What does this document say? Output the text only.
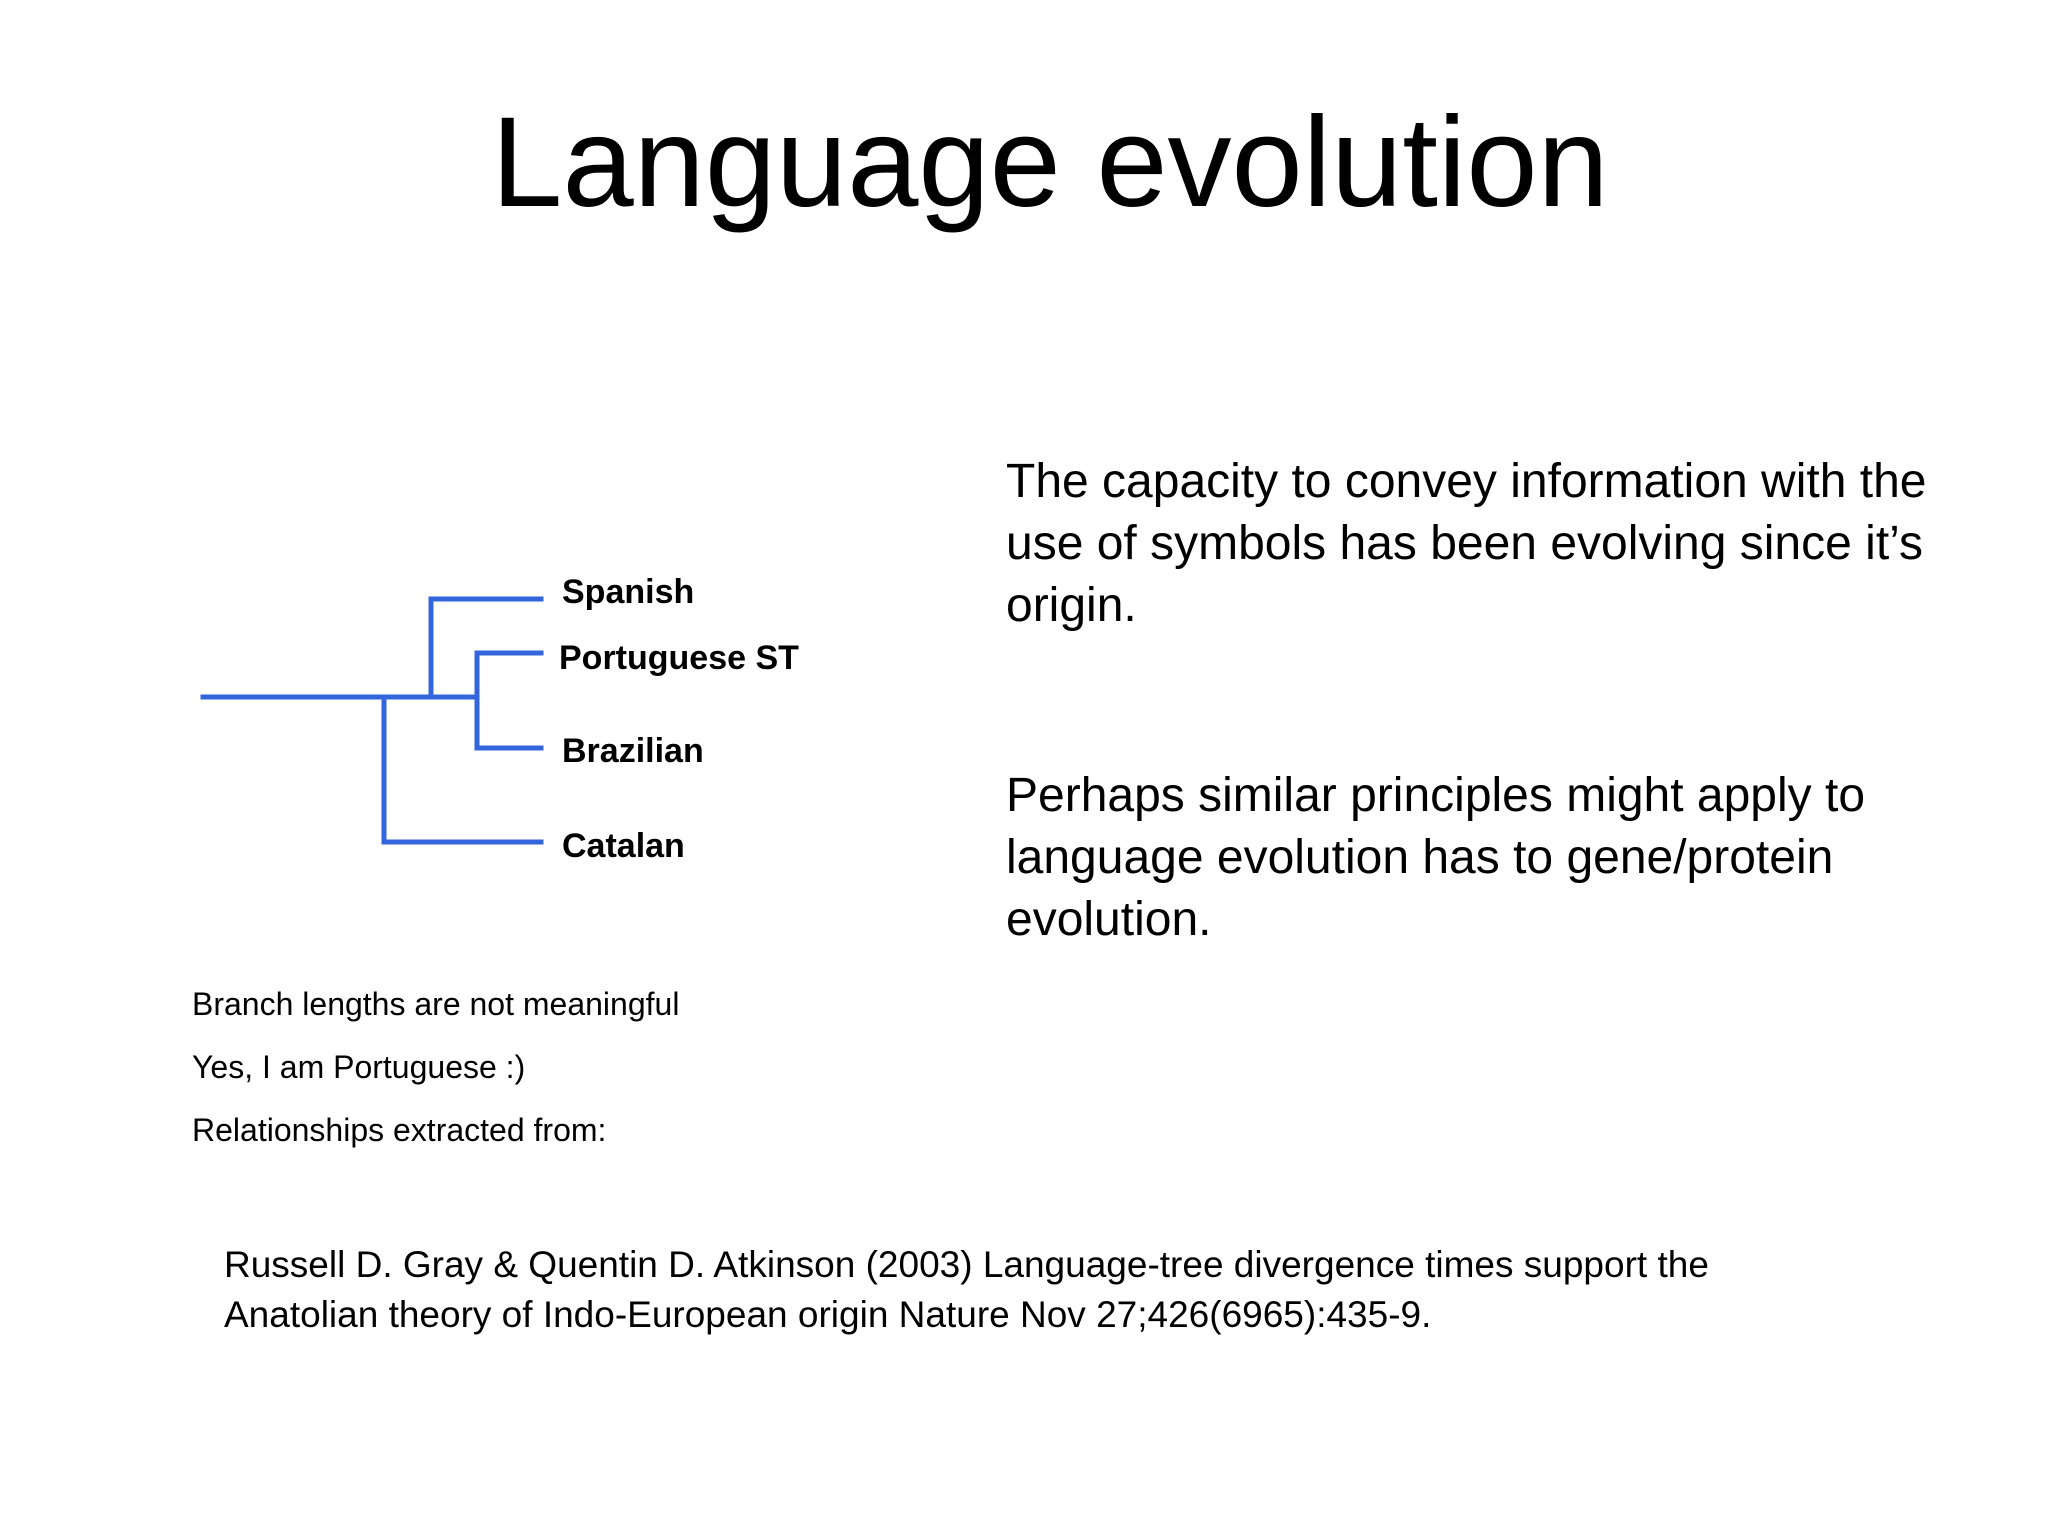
Language evolution
Spanish
Portuguese ST
Brazilian
Catalan
The capacity to convey information with the use of symbols has been evolving since it’s origin.
Perhaps similar principles might apply to language evolution has to gene/protein evolution.
Branch lengths are not meaningful
Yes, I am Portuguese :)
Relationships extracted from:
Russell D. Gray & Quentin D. Atkinson (2003) Language-tree divergence times support the
Anatolian theory of Indo-European origin Nature Nov 27;426(6965):435-9.
